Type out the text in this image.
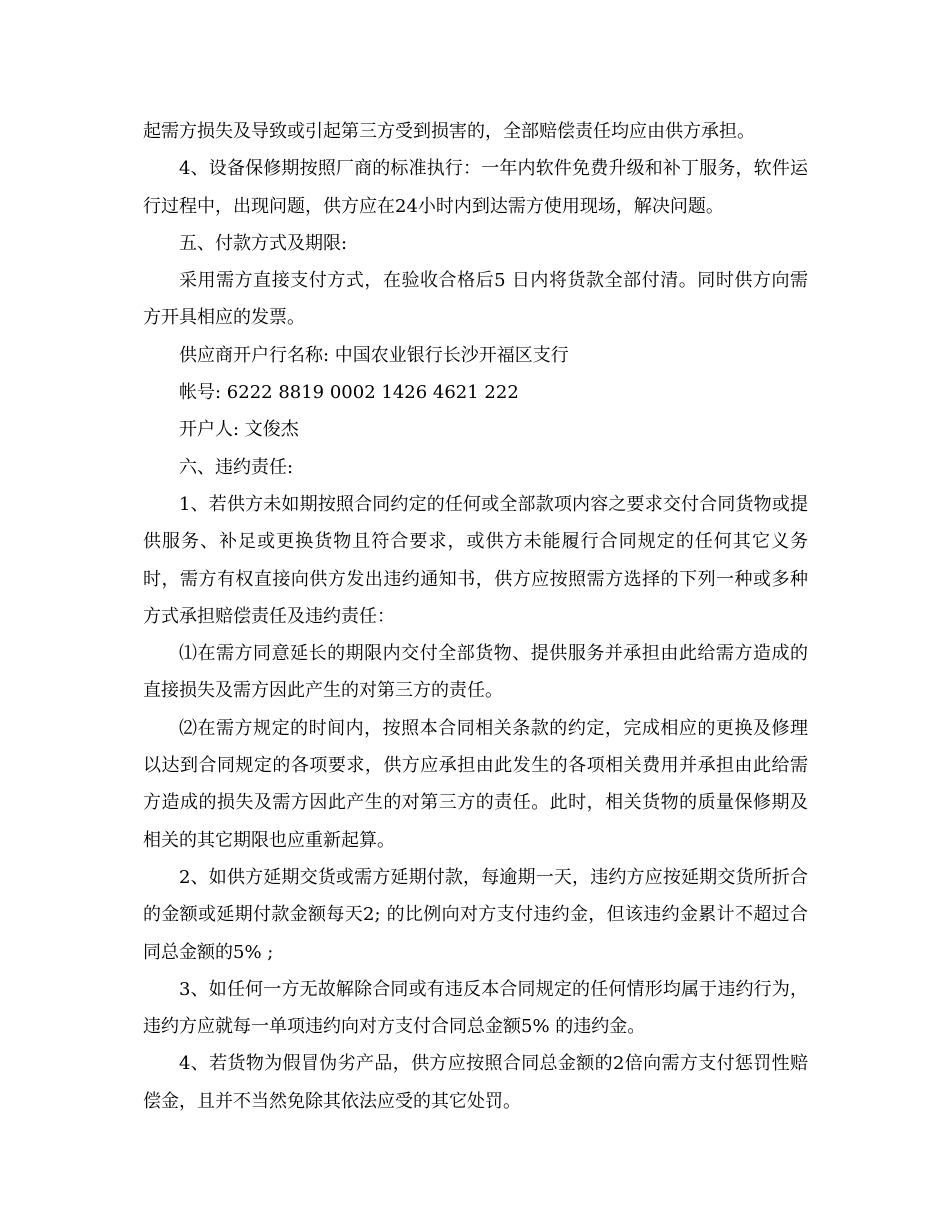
起需方损失及导致或引起第三方受到损害的，全部赔偿责任均应由供方承担。

4、设备保修期按照厂商的标准执行：一年内软件免费升级和补丁服务，软件运行过程中，出现问题，供方应在24小时内到达需方使用现场，解决问题。

五、付款方式及期限:

采用需方直接支付方式，在验收合格后5 日内将货款全部付清。同时供方向需方开具相应的发票。

供应商开户行名称: 中国农业银行长沙开福区支行

帐号: 6222 8819 0002 1426 4621 222

开户人: 文俊杰

六、违约责任:

1、若供方未如期按照合同约定的任何或全部款项内容之要求交付合同货物或提供服务、补足或更换货物且符合要求，或供方未能履行合同规定的任何其它义务时，需方有权直接向供方发出违约通知书，供方应按照需方选择的下列一种或多种方式承担赔偿责任及违约责任：

⑴在需方同意延长的期限内交付全部货物、提供服务并承担由此给需方造成的直接损失及需方因此产生的对第三方的责任。

⑵在需方规定的时间内，按照本合同相关条款的约定，完成相应的更换及修理以达到合同规定的各项要求，供方应承担由此发生的各项相关费用并承担由此给需方造成的损失及需方因此产生的对第三方的责任。此时，相关货物的质量保修期及相关的其它期限也应重新起算。

2、如供方延期交货或需方延期付款，每逾期一天，违约方应按延期交货所折合的金额或延期付款金额每天2; 的比例向对方支付违约金，但该违约金累计不超过合同总金额的5% ;

3、如任何一方无故解除合同或有违反本合同规定的任何情形均属于违约行为，违约方应就每一单项违约向对方支付合同总金额5% 的违约金。

4、若货物为假冒伪劣产品，供方应按照合同总金额的2倍向需方支付惩罚性赔偿金，且并不当然免除其依法应受的其它处罚。
